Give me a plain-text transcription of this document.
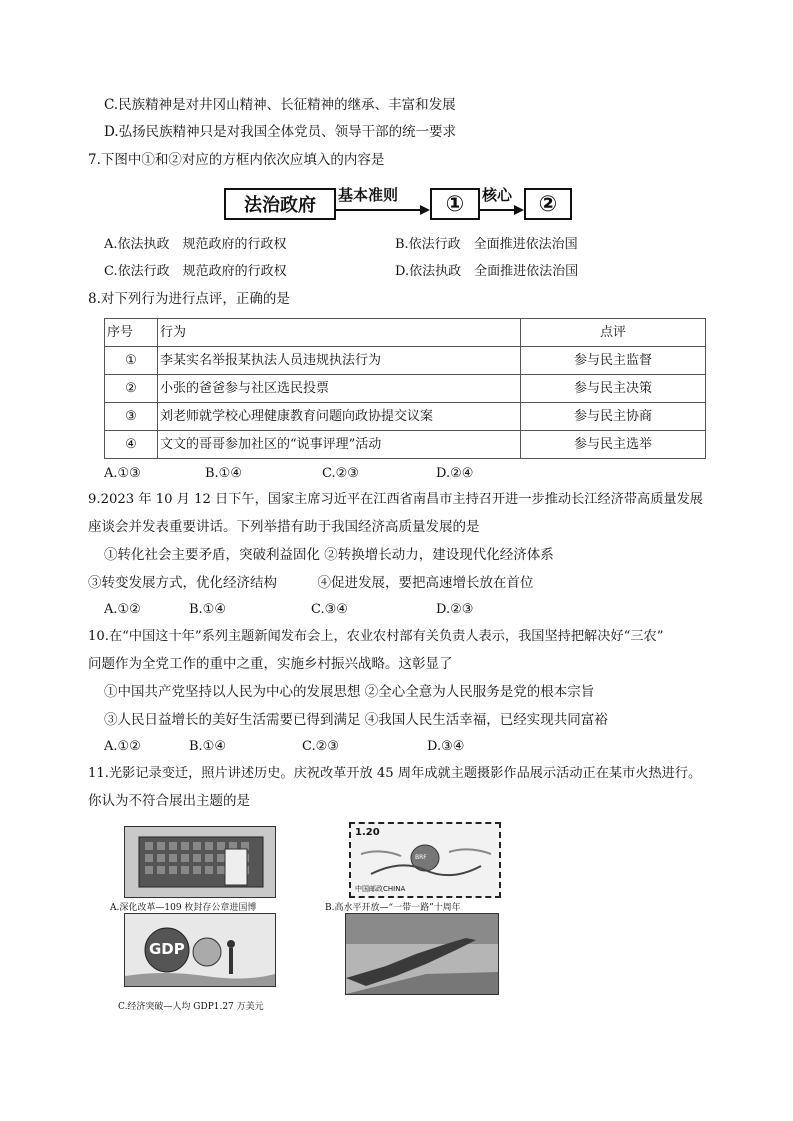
C.民族精神是对井冈山精神、长征精神的继承、丰富和发展
D.弘扬民族精神只是对我国全体党员、领导干部的统一要求
7.下图中①和②对应的方框内依次应填入的内容是
法治政府	基本准则	①	核心	②
A.依法执政　规范政府的行政权	B.依法行政　全面推进依法治国
C.依法行政　规范政府的行政权	D.依法执政　全面推进依法治国
8.对下列行为进行点评，正确的是
序号	行为	点评
①	李某实名举报某执法人员违规执法行为	参与民主监督
②	小张的爸爸参与社区选民投票	参与民主决策
③	刘老师就学校心理健康教育问题向政协提交议案	参与民主协商
④	文文的哥哥参加社区的“说事评理”活动	参与民主选举
A.①③	B.①④	C.②③	D.②④
9.2023 年 10 月 12 日下午，国家主席习近平在江西省南昌市主持召开进一步推动长江经济带高质量发展
座谈会并发表重要讲话。下列举措有助于我国经济高质量发展的是
①转化社会主要矛盾，突破利益固化 ②转换增长动力，建设现代化经济体系
③转变发展方式，优化经济结构　　　④促进发展，要把高速增长放在首位
A.①②	B.①④	C.③④	D.②③
10.在“中国这十年”系列主题新闻发布会上，农业农村部有关负责人表示，我国坚持把解决好“三农”
问题作为全党工作的重中之重，实施乡村振兴战略。这彰显了
①中国共产党坚持以人民为中心的发展思想 ②全心全意为人民服务是党的根本宗旨
③人民日益增长的美好生活需要已得到满足 ④我国人民生活幸福，已经实现共同富裕
A.①②	B.①④	C.②③	D.③④
11.光影记录变迁，照片讲述历史。庆祝改革开放 45 周年成就主题摄影作品展示活动正在某市火热进行。
你认为不符合展出主题的是
A.深化改革—109 枚封存公章进国博
1.20
BRF
中国邮政CHINA
B.高水平开放—“一带一路”十周年
GDP
C.经济突破—人均 GDP1.27 万美元
